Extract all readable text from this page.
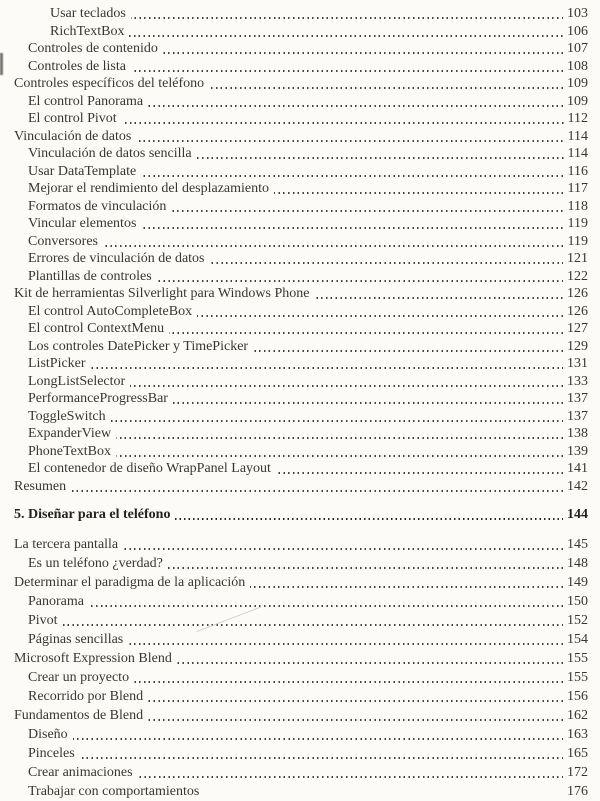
Usar teclados	103
RichTextBox	106
Controles de contenido	107
Controles de lista	108
Controles específicos del teléfono	109
El control Panorama	109
El control Pivot	112
Vinculación de datos	114
Vinculación de datos sencilla	114
Usar DataTemplate	116
Mejorar el rendimiento del desplazamiento	117
Formatos de vinculación	118
Vincular elementos	119
Conversores	119
Errores de vinculación de datos	121
Plantillas de controles	122
Kit de herramientas Silverlight para Windows Phone	126
El control AutoCompleteBox	126
El control ContextMenu	127
Los controles DatePicker y TimePicker	129
ListPicker	131
LongListSelector	133
PerformanceProgressBar	137
ToggleSwitch	137
ExpanderView	138
PhoneTextBox	139
El contenedor de diseño WrapPanel Layout	141
Resumen	142
5. Diseñar para el teléfono	144
La tercera pantalla	145
Es un teléfono ¿verdad?	148
Determinar el paradigma de la aplicación	149
Panorama	150
Pivot	152
Páginas sencillas	154
Microsoft Expression Blend	155
Crear un proyecto	155
Recorrido por Blend	156
Fundamentos de Blend	162
Diseño	163
Pinceles	165
Crear animaciones	172
Trabajar con comportamientos	176
